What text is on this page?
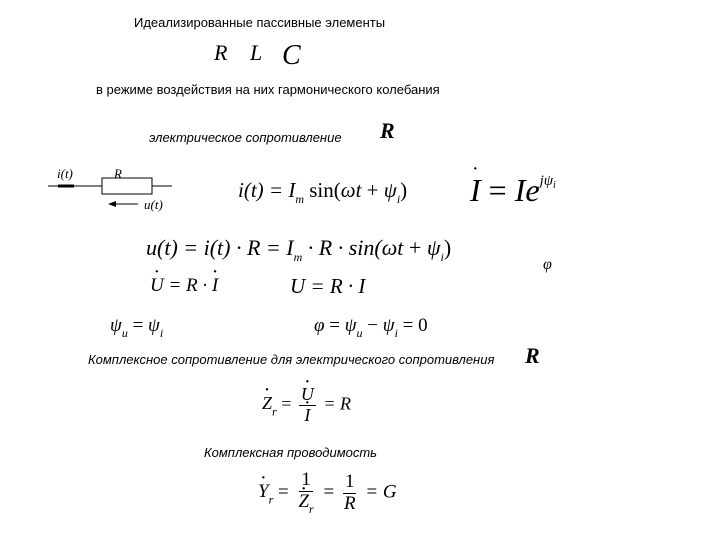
Идеализированные пассивные элементы
R L C
в режиме воздействия на них гармонического колебания
электрическое сопротивление R
i(t)	R
u(t)
$i(t) = I_m$ $\sin(\omega t + \psi_i)$
· $I = Ie^{j\psi_i}$
$u(t) = i(t) \cdot R = I_m \cdot R \cdot \sin(\omega t + \psi_i)$
φ
· U = R · · I	U = R · I
$\psi_u = \psi_i$	$\varphi = \psi_u - \psi_i = 0$
Комплексное сопротивление для электрического сопротивления R
· $Z_r$ =
· U
· I = R
Комплексная проводимость
· $Y_r = 1$
· $Z_r = \frac{1}{R} = G$
